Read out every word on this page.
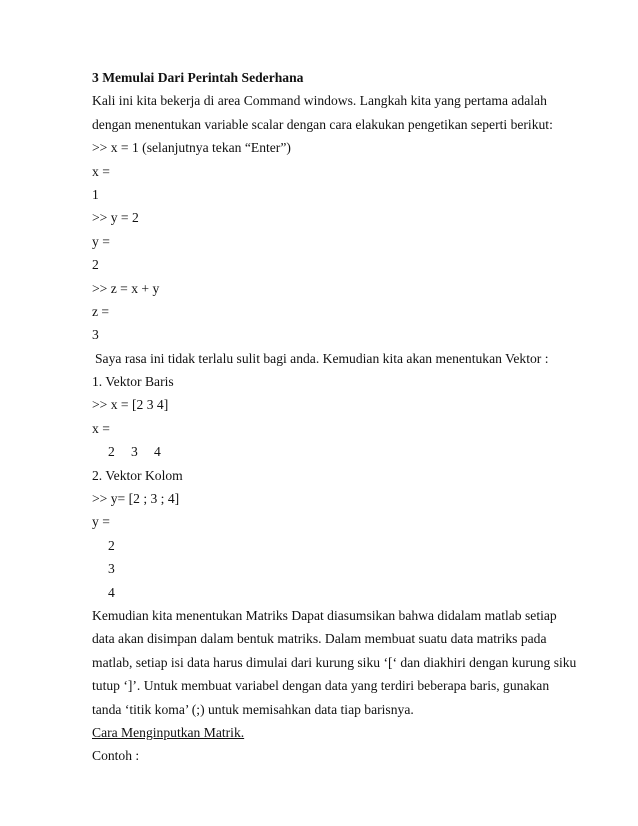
3 Memulai Dari Perintah Sederhana
Kali ini kita bekerja di area Command windows. Langkah kita yang pertama adalah
dengan menentukan variable scalar dengan cara elakukan pengetikan seperti berikut:
>> x = 1 (selanjutnya tekan “Enter”)
x =
1
>> y = 2
y =
2
>> z = x + y
z =
3
Saya rasa ini tidak terlalu sulit bagi anda. Kemudian kita akan menentukan Vektor :
1. Vektor Baris
>> x = [2 3 4]
x =
2 3 4
2. Vektor Kolom
>> y= [2 ; 3 ; 4]
y =
2
3
4
Kemudian kita menentukan Matriks Dapat diasumsikan bahwa didalam matlab setiap
data akan disimpan dalam bentuk matriks. Dalam membuat suatu data matriks pada
matlab, setiap isi data harus dimulai dari kurung siku ‘[‘ dan diakhiri dengan kurung siku
tutup ‘]’. Untuk membuat variabel dengan data yang terdiri beberapa baris, gunakan
tanda ‘titik koma’ (;) untuk memisahkan data tiap barisnya.
Cara Menginputkan Matrik.
Contoh :
